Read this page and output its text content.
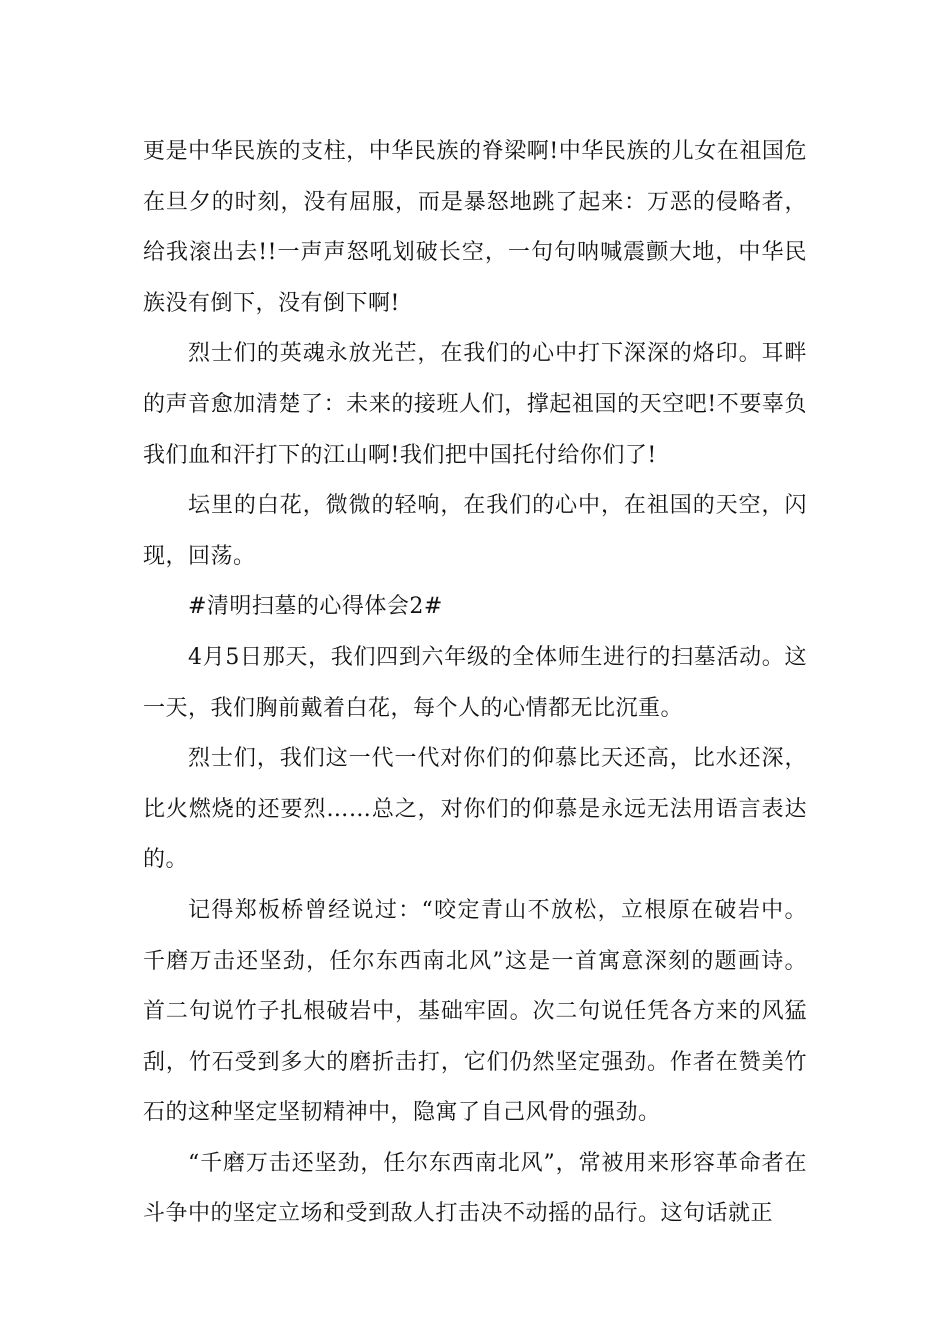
更是中华民族的支柱，中华民族的脊梁啊!中华民族的儿女在祖国危在旦夕的时刻，没有屈服，而是暴怒地跳了起来：万恶的侵略者，给我滚出去!!一声声怒吼划破长空，一句句呐喊震颤大地，中华民族没有倒下，没有倒下啊!

烈士们的英魂永放光芒，在我们的心中打下深深的烙印。耳畔的声音愈加清楚了：未来的接班人们，撑起祖国的天空吧!不要辜负我们血和汗打下的江山啊!我们把中国托付给你们了!

坛里的白花，微微的轻响，在我们的心中，在祖国的天空，闪现，回荡。

#清明扫墓的心得体会2#

4月5日那天，我们四到六年级的全体师生进行的扫墓活动。这一天，我们胸前戴着白花，每个人的心情都无比沉重。

烈士们，我们这一代一代对你们的仰慕比天还高，比水还深，比火燃烧的还要烈……总之，对你们的仰慕是永远无法用语言表达的。

记得郑板桥曾经说过：“咬定青山不放松，立根原在破岩中。千磨万击还坚劲，任尔东西南北风”这是一首寓意深刻的题画诗。首二句说竹子扎根破岩中，基础牢固。次二句说任凭各方来的风猛刮，竹石受到多大的磨折击打，它们仍然坚定强劲。作者在赞美竹石的这种坚定坚韧精神中，隐寓了自己风骨的强劲。

“千磨万击还坚劲，任尔东西南北风”，常被用来形容革命者在斗争中的坚定立场和受到敌人打击决不动摇的品行。这句话就正
